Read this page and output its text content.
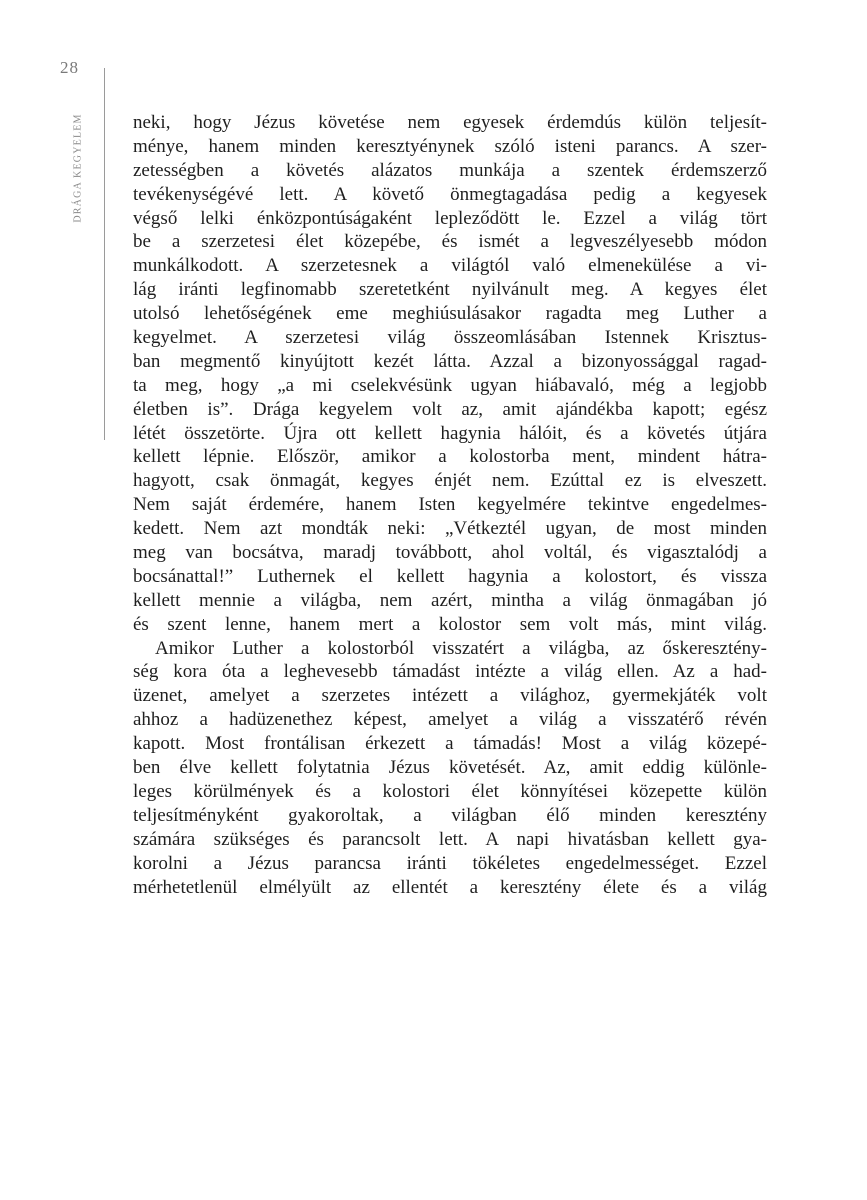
28
DRÁGA KEGYELEM	neki, hogy Jézus követése nem egyesek érdemdús külön teljesít-
ménye, hanem minden keresztyénynek szóló isteni parancs. A szer-
zetességben a követés alázatos munkája a szentek érdemszerző
tevékenységévé lett. A követő önmegtagadása pedig a kegyesek
végső lelki énközpontúságaként lepleződött le. Ezzel a világ tört
be a szerzetesi élet közepébe, és ismét a legveszélyesebb módon
munkálkodott. A szerzetesnek a világtól való elmenekülése a vi-
lág iránti legfinomabb szeretetként nyilvánult meg. A kegyes élet
utolsó lehetőségének eme meghiúsulásakor ragadta meg Luther a
kegyelmet. A szerzetesi világ összeomlásában Istennek Krisztus-
ban megmentő kinyújtott kezét látta. Azzal a bizonyossággal ragad-
ta meg, hogy „a mi cselekvésünk ugyan hiábavaló, még a legjobb
életben is”. Drága kegyelem volt az, amit ajándékba kapott; egész
létét összetörte. Újra ott kellett hagynia hálóit, és a követés útjára
kellett lépnie. Először, amikor a kolostorba ment, mindent hátra-
hagyott, csak önmagát, kegyes énjét nem. Ezúttal ez is elveszett.
Nem saját érdemére, hanem Isten kegyelmére tekintve engedelmes-
kedett. Nem azt mondták neki: „Vétkeztél ugyan, de most minden
meg van bocsátva, maradj továbbott, ahol voltál, és vigasztalódj a
bocsánattal!” Luthernek el kellett hagynia a kolostort, és vissza
kellett mennie a világba, nem azért, mintha a világ önmagában jó
és szent lenne, hanem mert a kolostor sem volt más, mint világ.
Amikor Luther a kolostorból visszatért a világba, az őskeresztény-
ség kora óta a leghevesebb támadást intézte a világ ellen. Az a had-
üzenet, amelyet a szerzetes intézett a világhoz, gyermekjáték volt
ahhoz a hadüzenethez képest, amelyet a világ a visszatérő révén
kapott. Most frontálisan érkezett a támadás! Most a világ közepé-
ben élve kellett folytatnia Jézus követését. Az, amit eddig különle-
leges körülmények és a kolostori élet könnyítései közepette külön
teljesítményként gyakoroltak, a világban élő minden keresztény
számára szükséges és parancsolt lett. A napi hivatásban kellett gya-
korolni a Jézus parancsa iránti tökéletes engedelmességet. Ezzel
mérhetetlenül elmélyült az ellentét a keresztény élete és a világ
